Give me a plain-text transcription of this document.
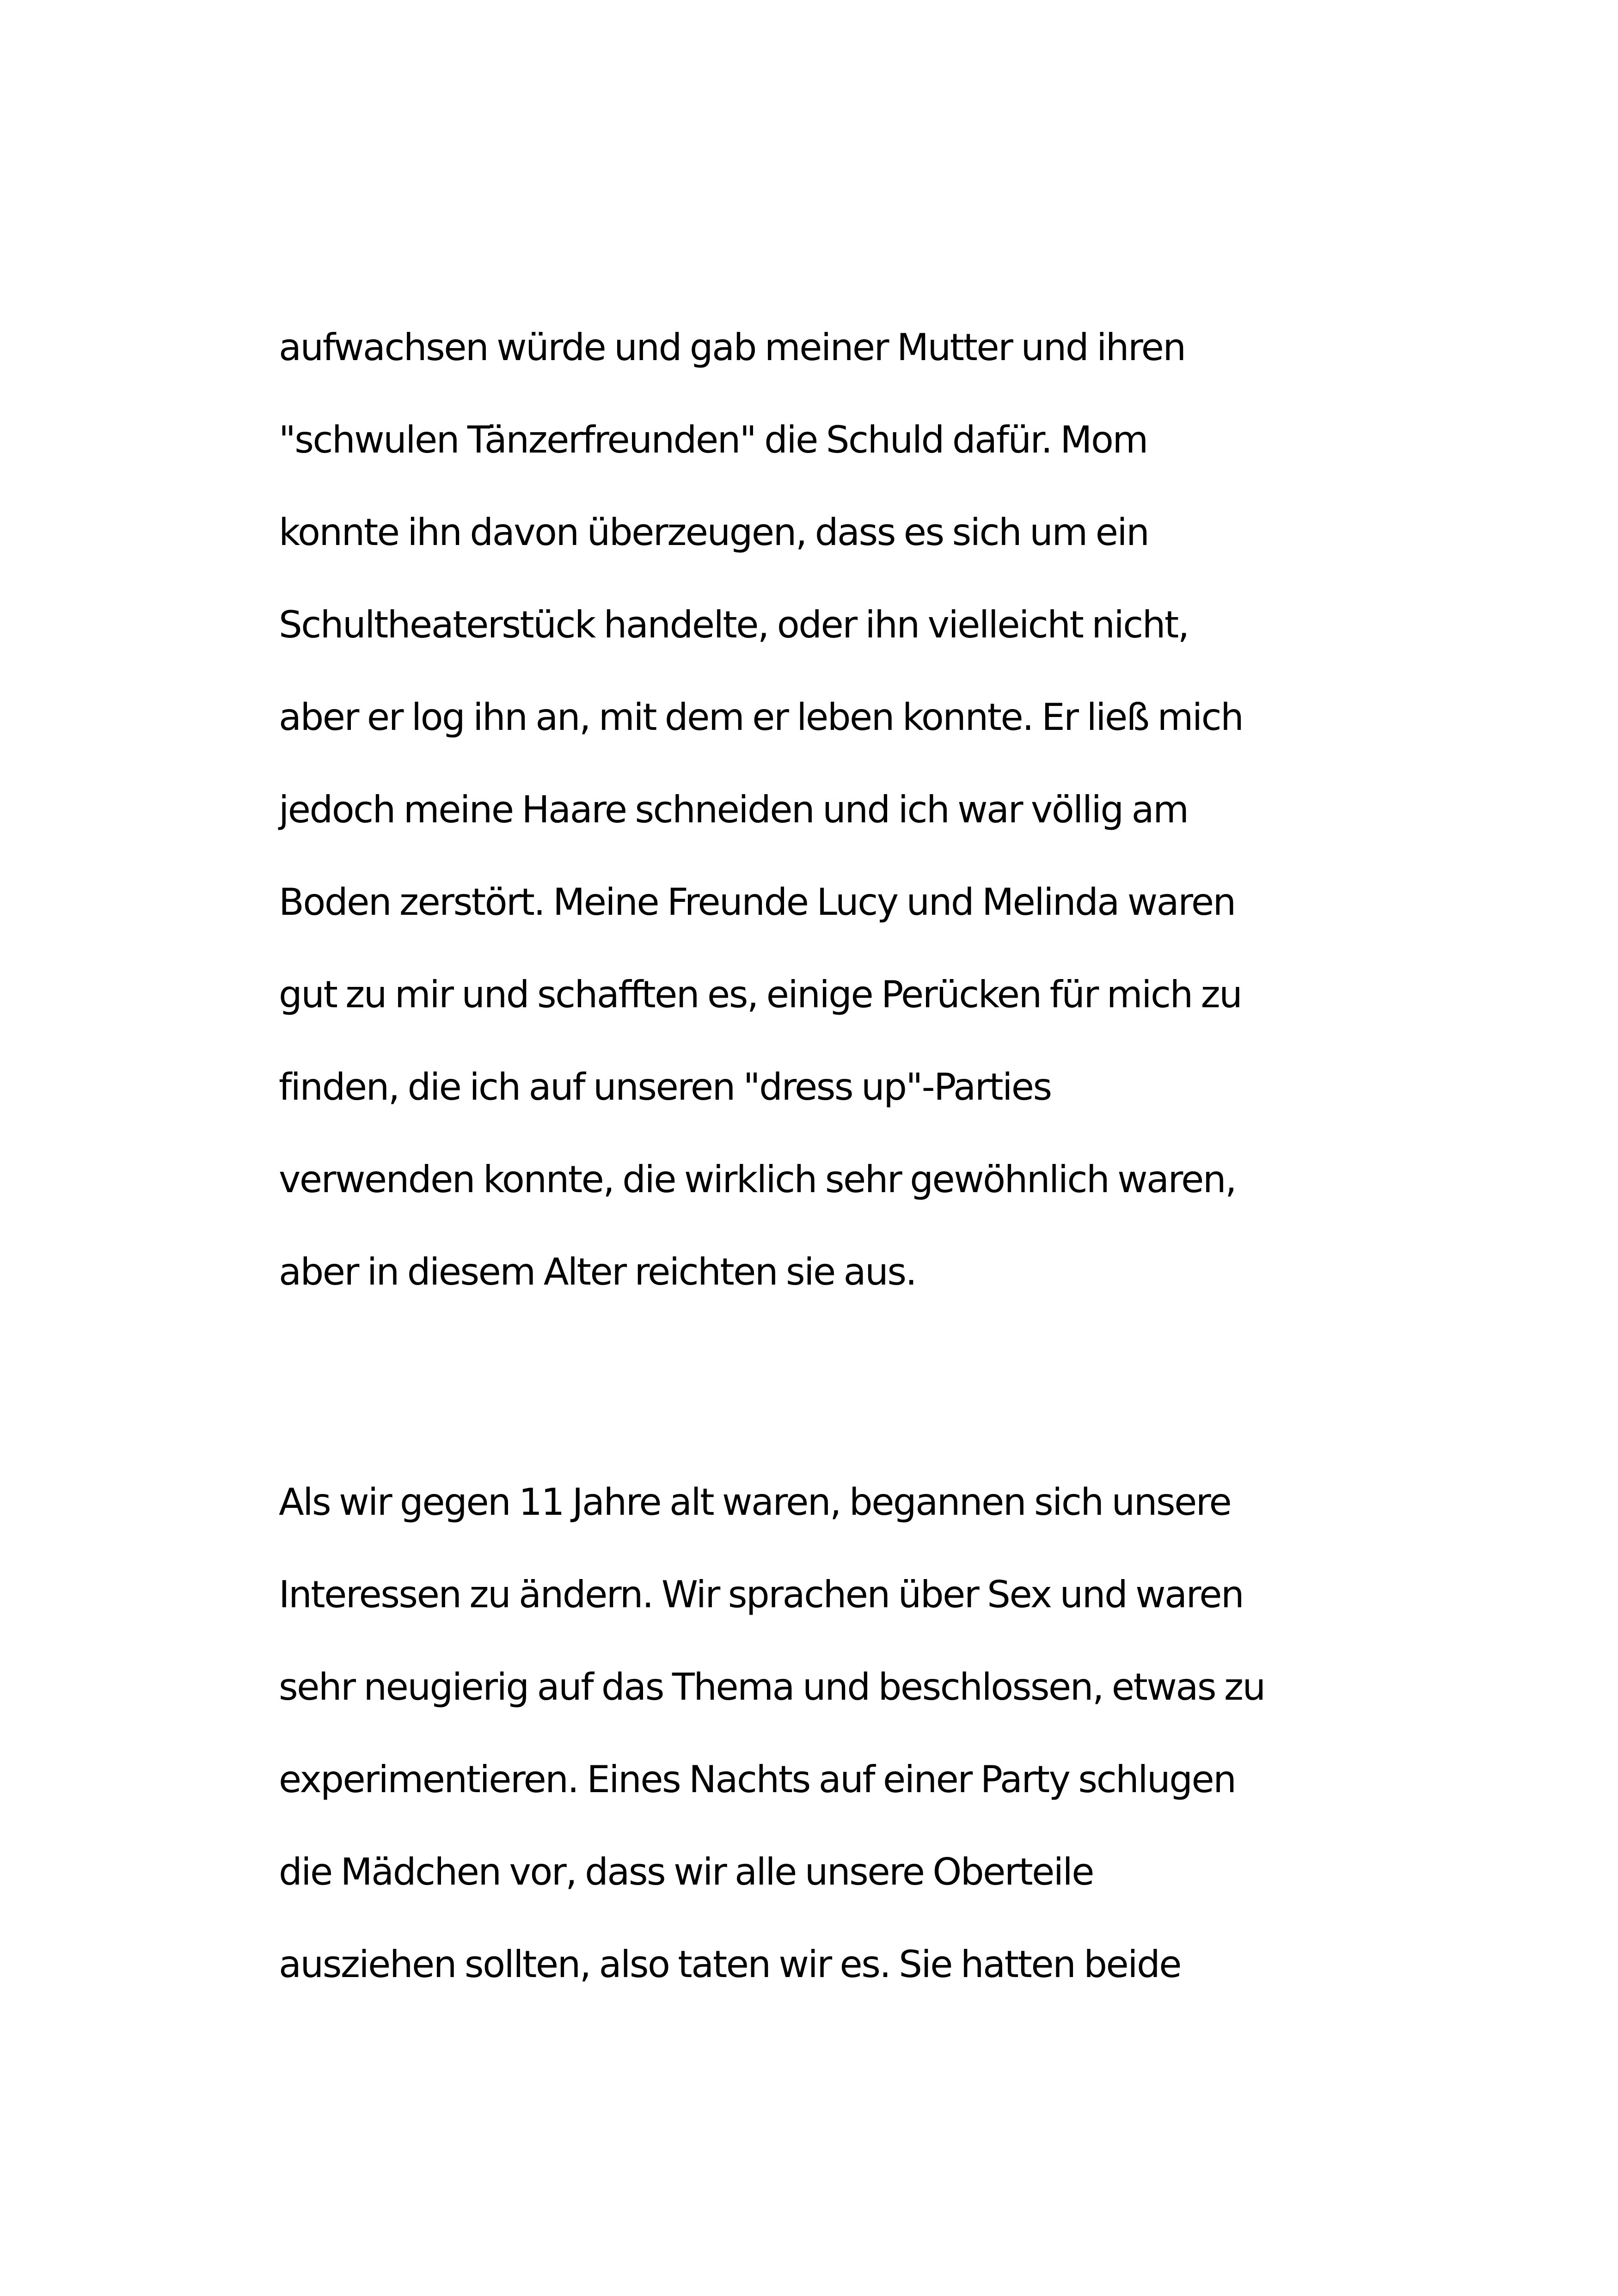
aufwachsen würde und gab meiner Mutter und ihren
"schwulen Tänzerfreunden" die Schuld dafür. Mom
konnte ihn davon überzeugen, dass es sich um ein
Schultheaterstück handelte, oder ihn vielleicht nicht,
aber er log ihn an, mit dem er leben konnte. Er ließ mich
jedoch meine Haare schneiden und ich war völlig am
Boden zerstört. Meine Freunde Lucy und Melinda waren
gut zu mir und schafften es, einige Perücken für mich zu
finden, die ich auf unseren "dress up"-Parties
verwenden konnte, die wirklich sehr gewöhnlich waren,
aber in diesem Alter reichten sie aus.
Als wir gegen 11 Jahre alt waren, begannen sich unsere
Interessen zu ändern. Wir sprachen über Sex und waren
sehr neugierig auf das Thema und beschlossen, etwas zu
experimentieren. Eines Nachts auf einer Party schlugen
die Mädchen vor, dass wir alle unsere Oberteile
ausziehen sollten, also taten wir es. Sie hatten beide
